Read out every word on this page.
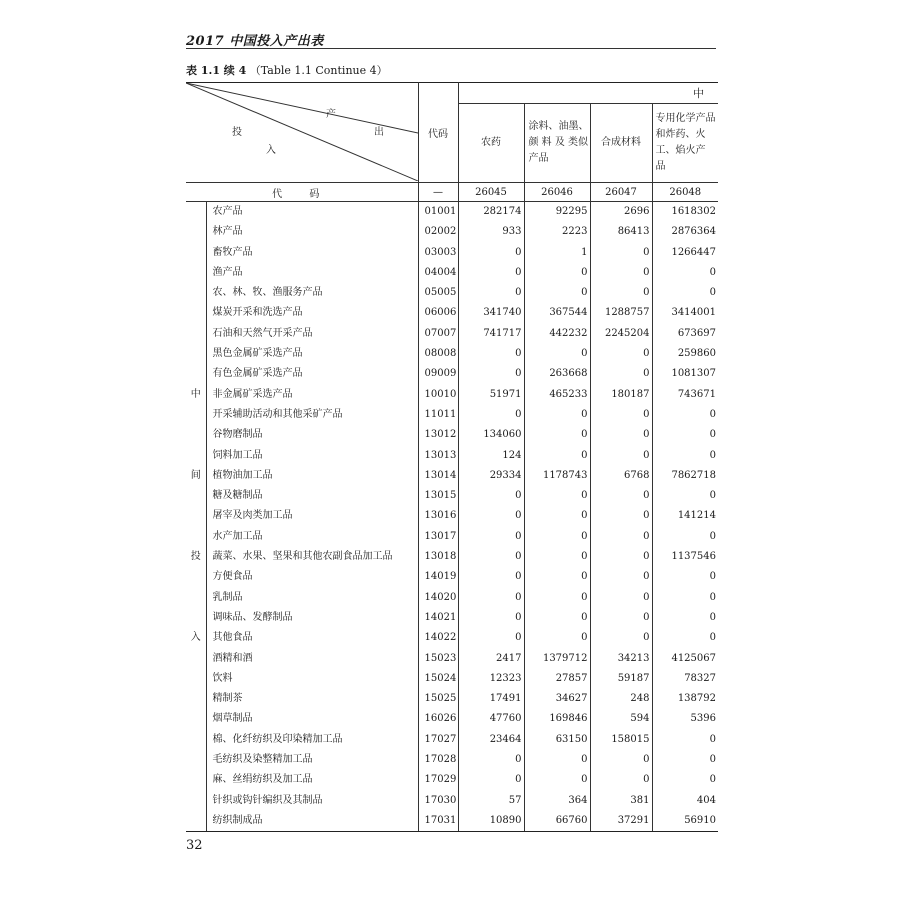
2017 中国投入产出表
表 1.1 续 4 （Table 1.1 Continue 4）
产
出
投
入		代码	中			
			农药	涂料、油墨、颜 料 及 类似产品	合成材料	专用化学产品和炸药、火工、焰火产 品

代 码		—	26045	26046	26047	26048
	农产品	01001	282174	92295	2696	1618302
	林产品	02002	933	2223	86413	2876364
	畜牧产品	03003	0	1	0	1266447
	渔产品	04004	0	0	0	0
	农、林、牧、渔服务产品	05005	0	0	0	0
	煤炭开采和洗选产品	06006	341740	367544	1288757	3414001
	石油和天然气开采产品	07007	741717	442232	2245204	673697
	黑色金属矿采选产品	08008	0	0	0	259860
	有色金属矿采选产品	09009	0	263668	0	1081307
中	非金属矿采选产品	10010	51971	465233	180187	743671
	开采辅助活动和其他采矿产品	11011	0	0	0	0
	谷物磨制品	13012	134060	0	0	0
	饲料加工品	13013	124	0	0	0
间	植物油加工品	13014	29334	1178743	6768	7862718
	糖及糖制品	13015	0	0	0	0
	屠宰及肉类加工品	13016	0	0	0	141214
	水产加工品	13017	0	0	0	0
投	蔬菜、水果、坚果和其他农副食品加工品	13018	0	0	0	1137546
	方便食品	14019	0	0	0	0
	乳制品	14020	0	0	0	0
	调味品、发酵制品	14021	0	0	0	0
入	其他食品	14022	0	0	0	0
	酒精和酒	15023	2417	1379712	34213	4125067
	饮料	15024	12323	27857	59187	78327
	精制茶	15025	17491	34627	248	138792
	烟草制品	16026	47760	169846	594	5396
	棉、化纤纺织及印染精加工品	17027	23464	63150	158015	0
	毛纺织及染整精加工品	17028	0	0	0	0
	麻、丝绢纺织及加工品	17029	0	0	0	0
	针织或钩针编织及其制品	17030	57	364	381	404
	纺织制成品	17031	10890	66760	37291	56910
32
